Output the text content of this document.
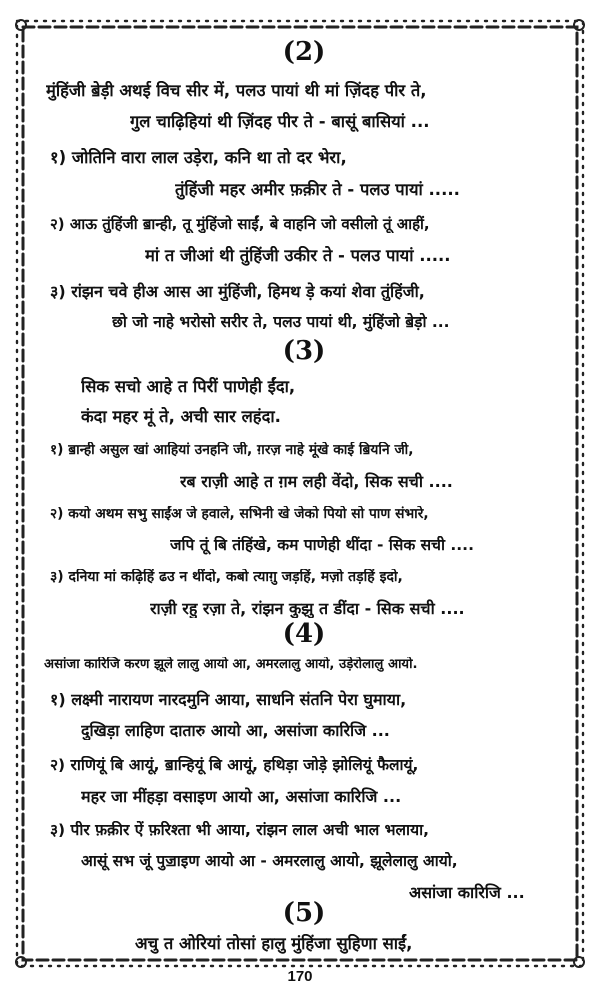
(2)
मुंहिंजी ॿेड़ी अथई विच सीर में, पलउ पायां थी मां ज़िंदह पीर ते,
गुल चाढ़िहियां थी ज़िंदह पीर ते - बासूं बासियां ...
१) जोतिनि वारा लाल उडे़रा, कनि था तो दर भेरा,
तुंहिंजी महर अमीर फ़क़ीर ते - पलउ पायां .....
२) आऊ तुंहिंजी ॿान्ही, तू मुंहिंजो साईं, बे वाहनि जो वसीलो तूं आहीं,
मां त जीआं थी तुंहिंजी उकीर ते - पलउ पायां .....
३) रांझन चवे हीअ आस आ मुंहिंजी, हिमथ डे़ कयां शेवा तुंहिंजी,
छो जो नाहे भरोसो सरीर ते, पलउ पायां थी, मुंहिंजो ॿेड़ो ...
(3)
सिक सचो आहे त पिरीं पाणेही ईंदा,
कंदा महर मूं ते, अची सार लहंदा.
१) ॿान्ही असुल खां आहियां उनहनि जी, ग़रज़ नाहे मूंखे काई ॿियनि जी,
रब राज़ी आहे त ग़म लही वेंदो, सिक सची ....
२) कयो अथम सभु साईंअ जे हवाले, सभिनी खे जेको पियो सो पाण संभारे,
जपि तूं बि तंहिंखे, कम पाणेही थींदा - सिक सची ....
३) दनिया मां कढ़िहिं ढउ न थींदो, कबो त्याग़ु जड़हिं, मज़ो तड़हिं इदो,
राज़ी रहु रज़ा ते, रांझन कुझु त डींदा - सिक सची ....
(4)
असांजा कारिजि करण झूले लालु आयो आ, अमरलालु आयो, उडे़रोलालु आयो.
१) लक्ष्मी नारायण नारदमुनि आया, साधनि संतनि पेरा घुमाया,
दुखिड़ा लाहिण दातारु आयो आ, असांजा कारिजि ...
२) राणियूं बि आयूं, ॿान्हियूं बि आयूं, हथिड़ा जोड़े झोलियूं फैलायूं,
महर जा मींहड़ा वसाइण आयो आ, असांजा कारिजि ...
३) पीर फ़क़ीर ऐं फ़रिश्ता भी आया, रांझन लाल अची भाल भलाया,
आसूं सभ जूं पुॼाइण आयो आ - अमरलालु आयो, झूलेलालु आयो,
असांजा कारिजि ...
(5)
अचु त ओरियां तोसां हालु मुंहिंजा सुहिणा साईं,
170
